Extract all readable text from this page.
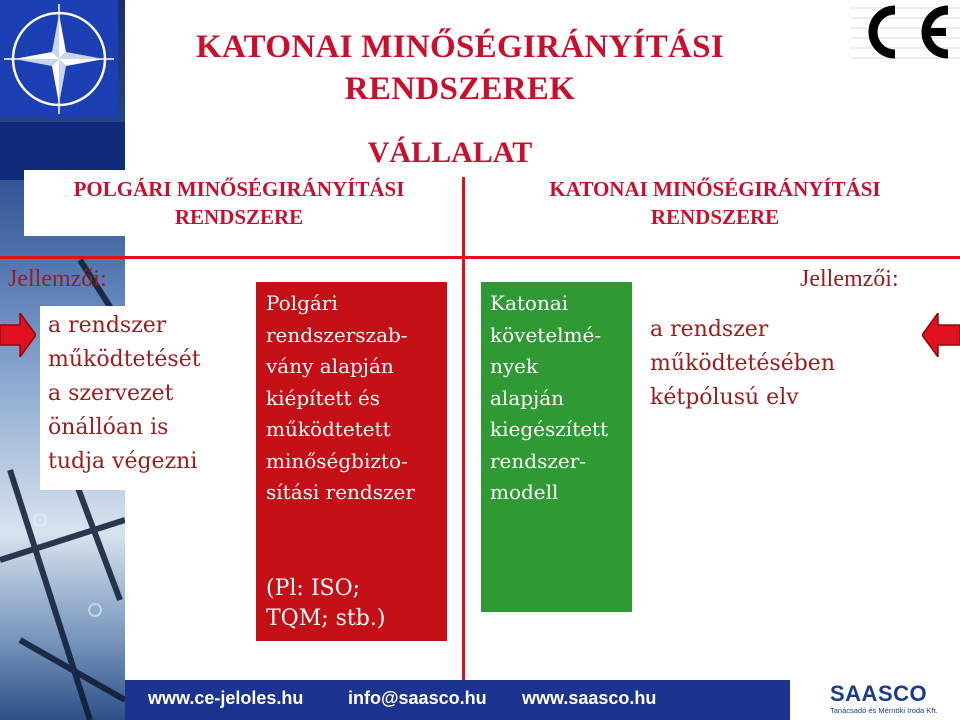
KATONAI MINŐSÉGIRÁNYÍTÁSI
RENDSZEREK
VÁLLALAT
POLGÁRI MINŐSÉGIRÁNYÍTÁSI
RENDSZERE
KATONAI MINŐSÉGIRÁNYÍTÁSI
RENDSZERE
Jellemzői:	Jellemzői:
a rendszer
működtetését
a szervezet
önállóan is
tudja végezni
a rendszer
működtetésében
kétpólusú elv
Polgári
rendszerszab-
vány alapján
kiépített és
működtetett
minőségbizto-
sítási rendszer
(Pl: ISO;
TQM; stb.)
Katonai
követelmé-
nyek
alapján
kiegészített
rendszer-
modell
(Pl:AQAP)
www.ce-jeloles.hu info@saasco.hu www.saasco.hu	SAASCO
Tanácsadó és Mérnöki Iroda Kft.
